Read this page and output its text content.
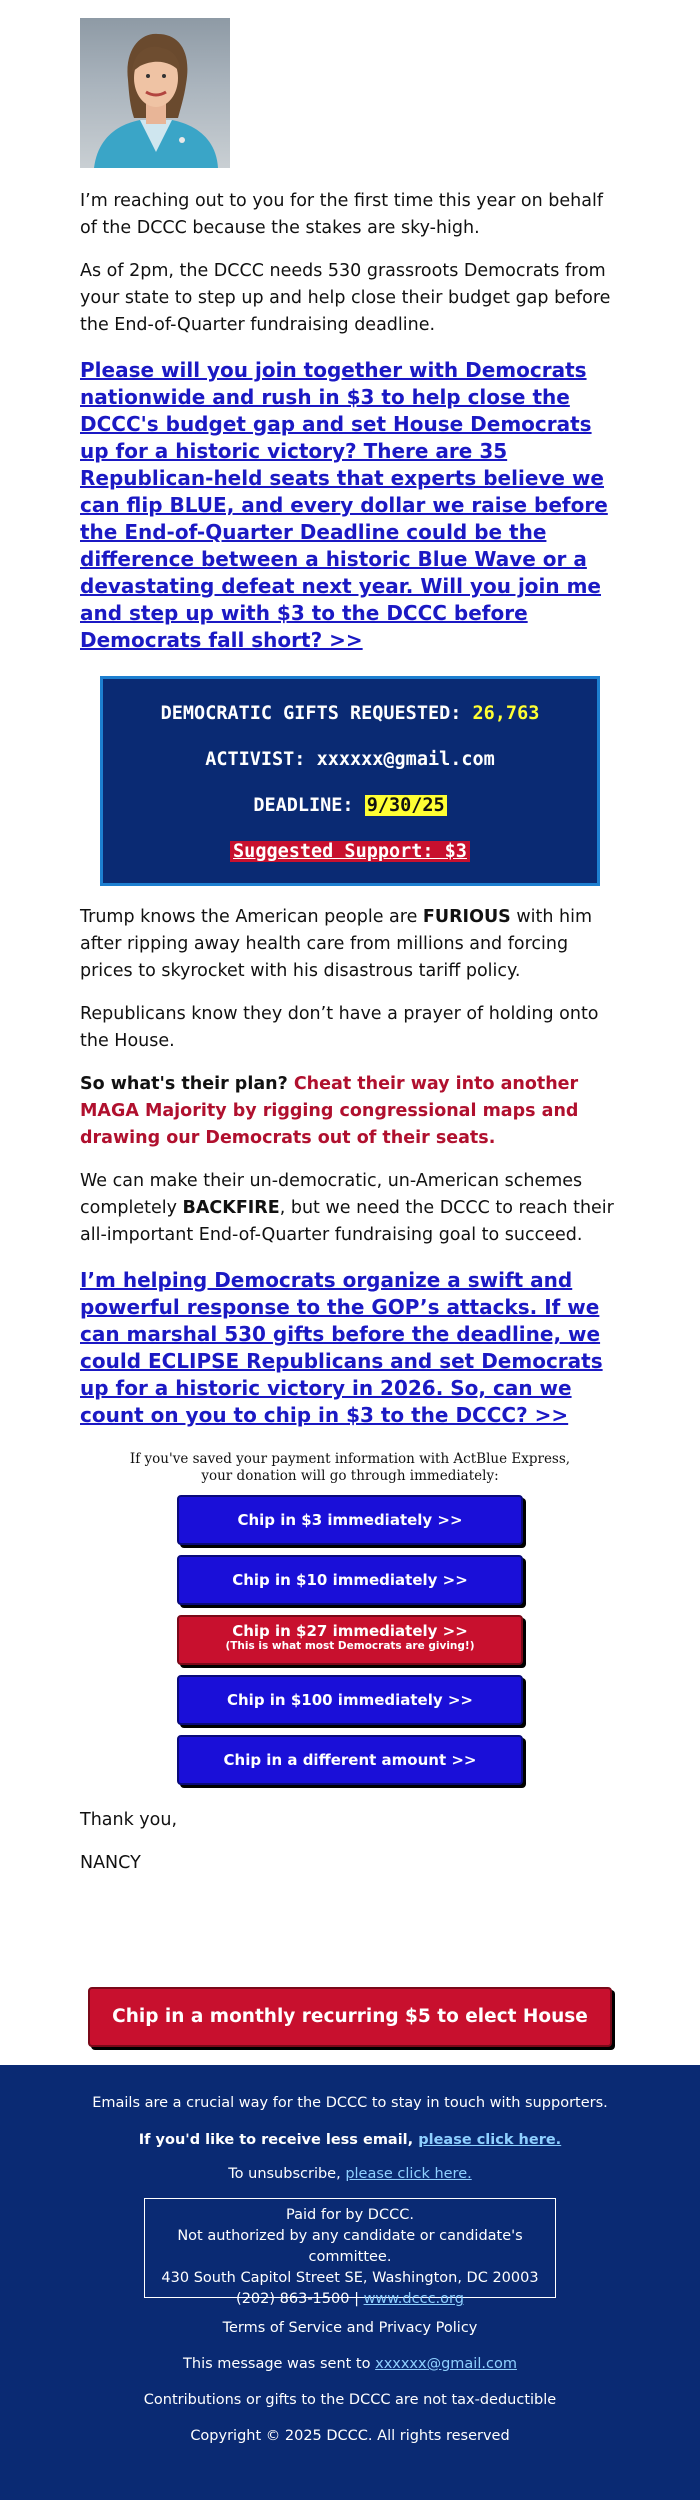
I’m reaching out to you for the first time this year on behalf of the DCCC because the stakes are sky-high.

As of 2pm, the DCCC needs 530 grassroots Democrats from your state to step up and help close their budget gap before the End-of-Quarter fundraising deadline.

Please will you join together with Democrats nationwide and rush in $3 to help close the DCCC's budget gap and set House Democrats up for a historic victory? There are 35 Republican-held seats that experts believe we can flip BLUE, and every dollar we raise before the End-of-Quarter Deadline could be the difference between a historic Blue Wave or a devastating defeat next year. Will you join me and step up with $3 to the DCCC before Democrats fall short? >>
DEMOCRATIC GIFTS REQUESTED: 26,763
ACTIVIST: xxxxxx@gmail.com
DEADLINE: 9/30/25
Suggested Support: $3

Trump knows the American people are FURIOUS with him after ripping away health care from millions and forcing prices to skyrocket with his disastrous tariff policy.

Republicans know they don’t have a prayer of holding onto the House.

So what's their plan? Cheat their way into another MAGA Majority by rigging congressional maps and drawing our Democrats out of their seats.

We can make their un-democratic, un-American schemes completely BACKFIRE, but we need the DCCC to reach their all-important End-of-Quarter fundraising goal to succeed.

I’m helping Democrats organize a swift and powerful response to the GOP’s attacks. If we can marshal 530 gifts before the deadline, we could ECLIPSE Republicans and set Democrats up for a historic victory in 2026. So, can we count on you to chip in $3 to the DCCC? >>
If you've saved your payment information with ActBlue Express,
your donation will go through immediately:
Chip in $3 immediately >>
Chip in $10 immediately >>
Chip in $27 immediately >>
(This is what most Democrats are giving!)
Chip in $100 immediately >>
Chip in a different amount >>

Thank you,

NANCY

Chip in a monthly recurring $5 to elect House
Emails are a crucial way for the DCCC to stay in touch with supporters.
If you'd like to receive less email, please click here.
To unsubscribe, please click here.
Paid for by DCCC.
Not authorized by any candidate or candidate's committee.
430 South Capitol Street SE, Washington, DC 20003
(202) 863-1500 | www.dccc.org
Terms of Service and Privacy Policy
This message was sent to xxxxxx@gmail.com
Contributions or gifts to the DCCC are not tax-deductible
Copyright © 2025 DCCC. All rights reserved
